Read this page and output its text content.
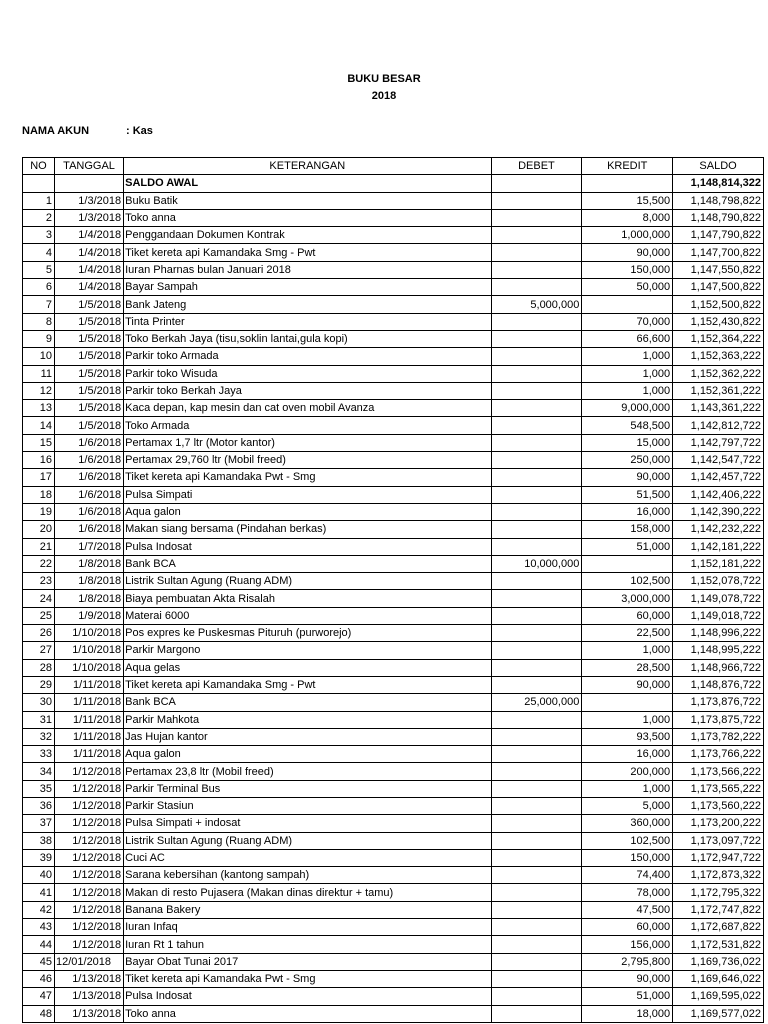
BUKU BESAR
2018
NAMA AKUN	: Kas
NO	TANGGAL	KETERANGAN	DEBET	KREDIT	SALDO
		SALDO AWAL			1,148,814,322
1	1/3/2018	Buku Batik		15,500	1,148,798,822
2	1/3/2018	Toko anna		8,000	1,148,790,822
3	1/4/2018	Penggandaan Dokumen Kontrak		1,000,000	1,147,790,822
4	1/4/2018	Tiket kereta api Kamandaka Smg - Pwt		90,000	1,147,700,822
5	1/4/2018	Iuran Pharnas bulan Januari 2018		150,000	1,147,550,822
6	1/4/2018	Bayar Sampah		50,000	1,147,500,822
7	1/5/2018	Bank Jateng	5,000,000		1,152,500,822
8	1/5/2018	Tinta Printer		70,000	1,152,430,822
9	1/5/2018	Toko Berkah Jaya (tisu,soklin lantai,gula kopi)		66,600	1,152,364,222
10	1/5/2018	Parkir toko Armada		1,000	1,152,363,222
11	1/5/2018	Parkir toko Wisuda		1,000	1,152,362,222
12	1/5/2018	Parkir toko Berkah Jaya		1,000	1,152,361,222
13	1/5/2018	Kaca depan, kap mesin dan cat oven mobil Avanza		9,000,000	1,143,361,222
14	1/5/2018	Toko Armada		548,500	1,142,812,722
15	1/6/2018	Pertamax 1,7 ltr (Motor kantor)		15,000	1,142,797,722
16	1/6/2018	Pertamax 29,760 ltr (Mobil freed)		250,000	1,142,547,722
17	1/6/2018	Tiket kereta api Kamandaka Pwt - Smg		90,000	1,142,457,722
18	1/6/2018	Pulsa Simpati		51,500	1,142,406,222
19	1/6/2018	Aqua galon		16,000	1,142,390,222
20	1/6/2018	Makan siang bersama (Pindahan berkas)		158,000	1,142,232,222
21	1/7/2018	Pulsa Indosat		51,000	1,142,181,222
22	1/8/2018	Bank BCA	10,000,000		1,152,181,222
23	1/8/2018	Listrik Sultan Agung (Ruang ADM)		102,500	1,152,078,722
24	1/8/2018	Biaya pembuatan Akta Risalah		3,000,000	1,149,078,722
25	1/9/2018	Materai 6000		60,000	1,149,018,722
26	1/10/2018	Pos expres ke Puskesmas Pituruh (purworejo)		22,500	1,148,996,222
27	1/10/2018	Parkir Margono		1,000	1,148,995,222
28	1/10/2018	Aqua gelas		28,500	1,148,966,722
29	1/11/2018	Tiket kereta api Kamandaka Smg - Pwt		90,000	1,148,876,722
30	1/11/2018	Bank BCA	25,000,000		1,173,876,722
31	1/11/2018	Parkir Mahkota		1,000	1,173,875,722
32	1/11/2018	Jas Hujan kantor		93,500	1,173,782,222
33	1/11/2018	Aqua galon		16,000	1,173,766,222
34	1/12/2018	Pertamax 23,8 ltr (Mobil freed)		200,000	1,173,566,222
35	1/12/2018	Parkir Terminal Bus		1,000	1,173,565,222
36	1/12/2018	Parkir Stasiun		5,000	1,173,560,222
37	1/12/2018	Pulsa Simpati + indosat		360,000	1,173,200,222
38	1/12/2018	Listrik Sultan Agung (Ruang ADM)		102,500	1,173,097,722
39	1/12/2018	Cuci AC		150,000	1,172,947,722
40	1/12/2018	Sarana kebersihan (kantong sampah)		74,400	1,172,873,322
41	1/12/2018	Makan di resto Pujasera (Makan dinas direktur + tamu)		78,000	1,172,795,322
42	1/12/2018	Banana Bakery		47,500	1,172,747,822
43	1/12/2018	Iuran Infaq		60,000	1,172,687,822
44	1/12/2018	Iuran Rt 1 tahun		156,000	1,172,531,822
45	12/01/2018	Bayar Obat Tunai 2017		2,795,800	1,169,736,022
46	1/13/2018	Tiket kereta api Kamandaka Pwt - Smg		90,000	1,169,646,022
47	1/13/2018	Pulsa Indosat		51,000	1,169,595,022
48	1/13/2018	Toko anna		18,000	1,169,577,022
